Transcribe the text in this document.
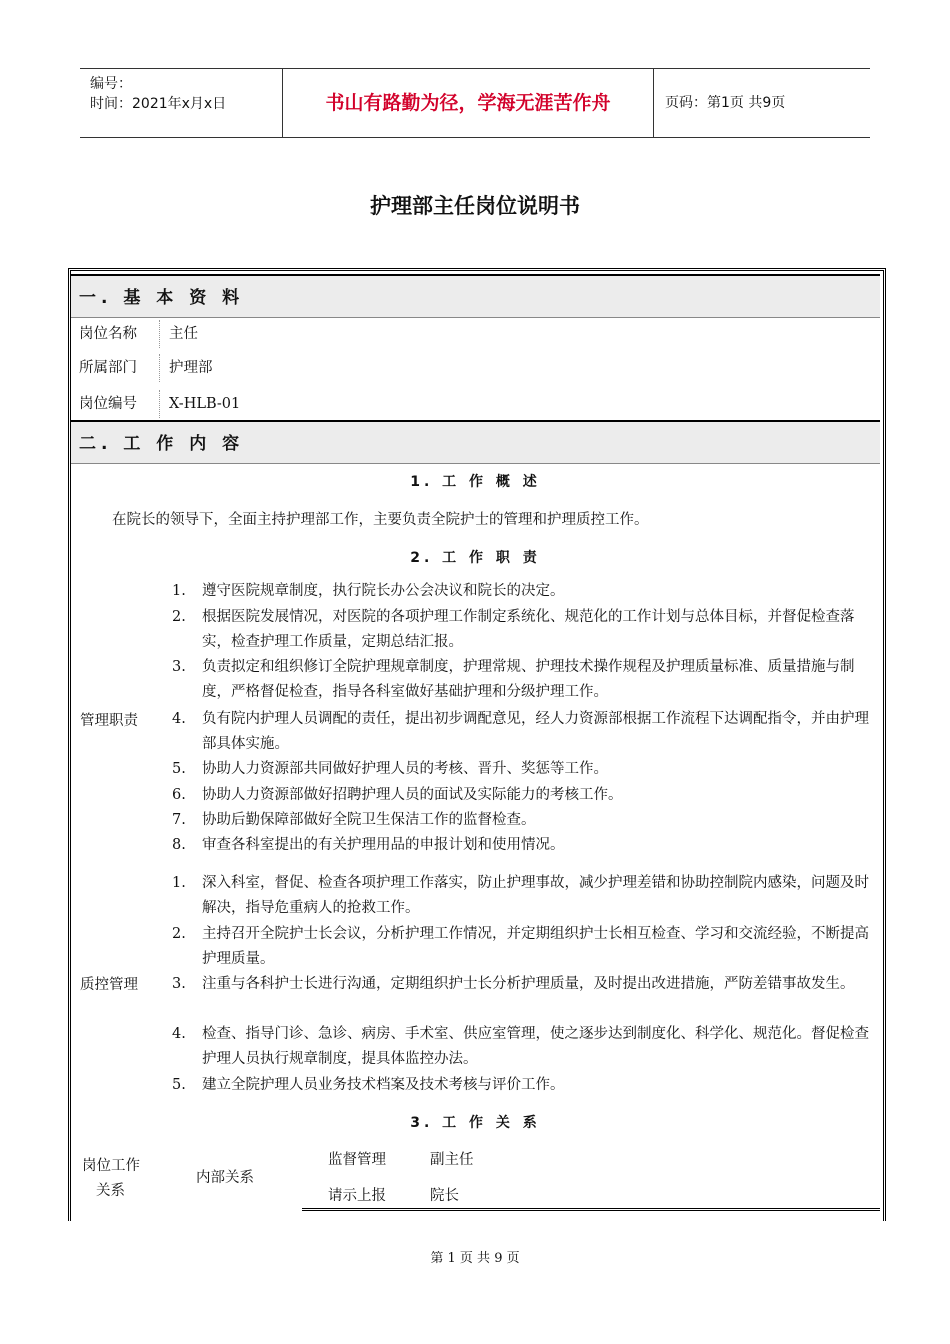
编号：
时间：2021年x月x日	书山有路勤为径，学海无涯苦作舟	页码：第1页 共9页
护理部主任岗位说明书
一. 基 本 资 料
岗位名称 主任
所属部门 护理部
岗位编号 X-HLB-01
二. 工 作 内 容
1. 工 作 概 述
在院长的领导下，全面主持护理部工作，主要负责全院护士的管理和护理质控工作。
2. 工 作 职 责
管理职责
1. 遵守医院规章制度，执行院长办公会决议和院长的决定。
2. 根据医院发展情况，对医院的各项护理工作制定系统化、规范化的工作计划与总体目标，并督促检查落实，检查护理工作质量，定期总结汇报。
3. 负责拟定和组织修订全院护理规章制度，护理常规、护理技术操作规程及护理质量标准、质量措施与制度，严格督促检查，指导各科室做好基础护理和分级护理工作。
4. 负有院内护理人员调配的责任，提出初步调配意见，经人力资源部根据工作流程下达调配指令，并由护理部具体实施。
5. 协助人力资源部共同做好护理人员的考核、晋升、奖惩等工作。
6. 协助人力资源部做好招聘护理人员的面试及实际能力的考核工作。
7. 协助后勤保障部做好全院卫生保洁工作的监督检查。
8. 审查各科室提出的有关护理用品的申报计划和使用情况。
质控管理
1. 深入科室，督促、检查各项护理工作落实，防止护理事故，减少护理差错和协助控制院内感染，问题及时解决，指导危重病人的抢救工作。
2. 主持召开全院护士长会议，分析护理工作情况，并定期组织护士长相互检查、学习和交流经验，不断提高护理质量。
3. 注重与各科护士长进行沟通，定期组织护士长分析护理质量，及时提出改进措施，严防差错事故发生。
4. 检查、指导门诊、急诊、病房、手术室、供应室管理，使之逐步达到制度化、科学化、规范化。督促检查护理人员执行规章制度，提具体监控办法。
5. 建立全院护理人员业务技术档案及技术考核与评价工作。
3. 工 作 关 系
岗位工作
关系
内部关系
监督管理	副主任
请示上报	院长
第 1 页 共 9 页
